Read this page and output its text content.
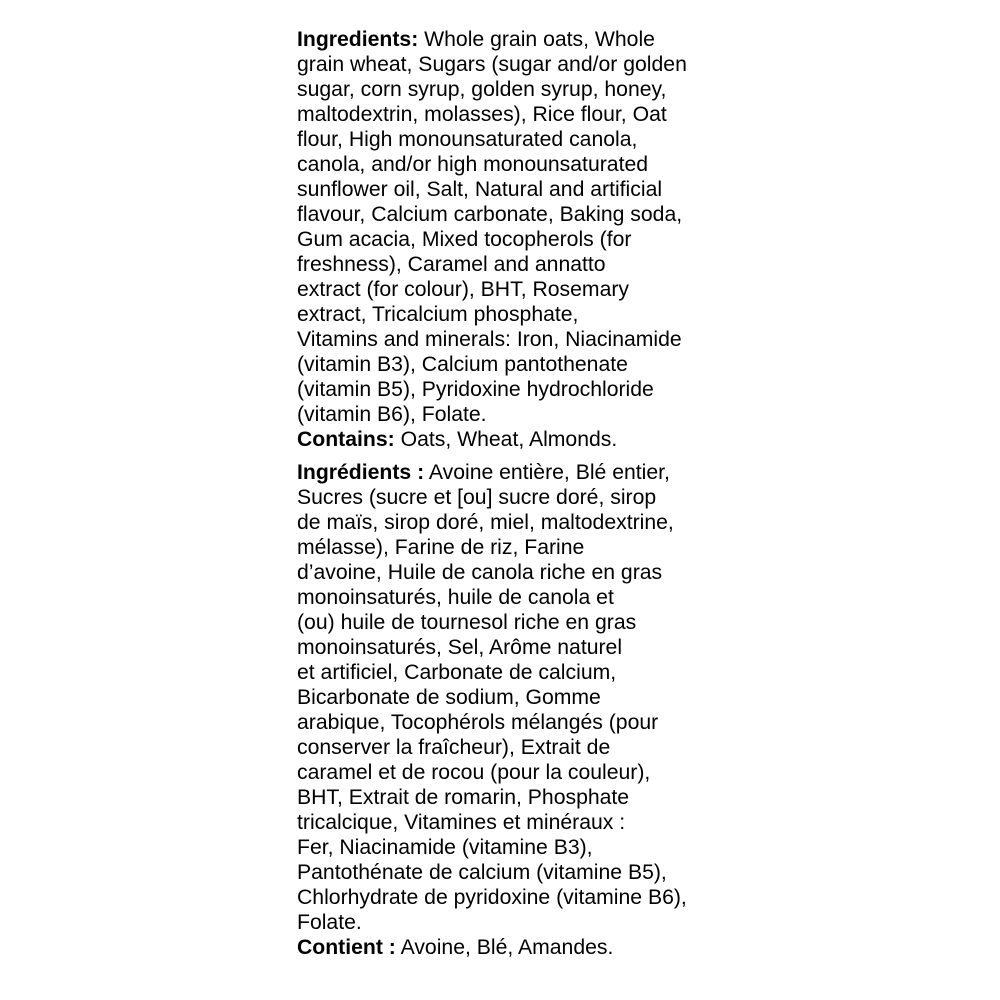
Ingredients: Whole grain oats, Whole
grain wheat, Sugars (sugar and/or golden
sugar, corn syrup, golden syrup, honey,
maltodextrin, molasses), Rice flour, Oat
flour, High monounsaturated canola,
canola, and/or high monounsaturated
sunflower oil, Salt, Natural and artificial
flavour, Calcium carbonate, Baking soda,
Gum acacia, Mixed tocopherols (for
freshness), Caramel and annatto
extract (for colour), BHT, Rosemary
extract, Tricalcium phosphate,
Vitamins and minerals: Iron, Niacinamide
(vitamin B3), Calcium pantothenate
(vitamin B5), Pyridoxine hydrochloride
(vitamin B6), Folate.
Contains: Oats, Wheat, Almonds.
Ingrédients : Avoine entière, Blé entier,
Sucres (sucre et [ou] sucre doré, sirop
de maïs, sirop doré, miel, maltodextrine,
mélasse), Farine de riz, Farine
d’avoine, Huile de canola riche en gras
monoinsaturés, huile de canola et
(ou) huile de tournesol riche en gras
monoinsaturés, Sel, Arôme naturel
et artificiel, Carbonate de calcium,
Bicarbonate de sodium, Gomme
arabique, Tocophérols mélangés (pour
conserver la fraîcheur), Extrait de
caramel et de rocou (pour la couleur),
BHT, Extrait de romarin, Phosphate
tricalcique, Vitamines et minéraux :
Fer, Niacinamide (vitamine B3),
Pantothénate de calcium (vitamine B5),
Chlorhydrate de pyridoxine (vitamine B6),
Folate.
Contient : Avoine, Blé, Amandes.
